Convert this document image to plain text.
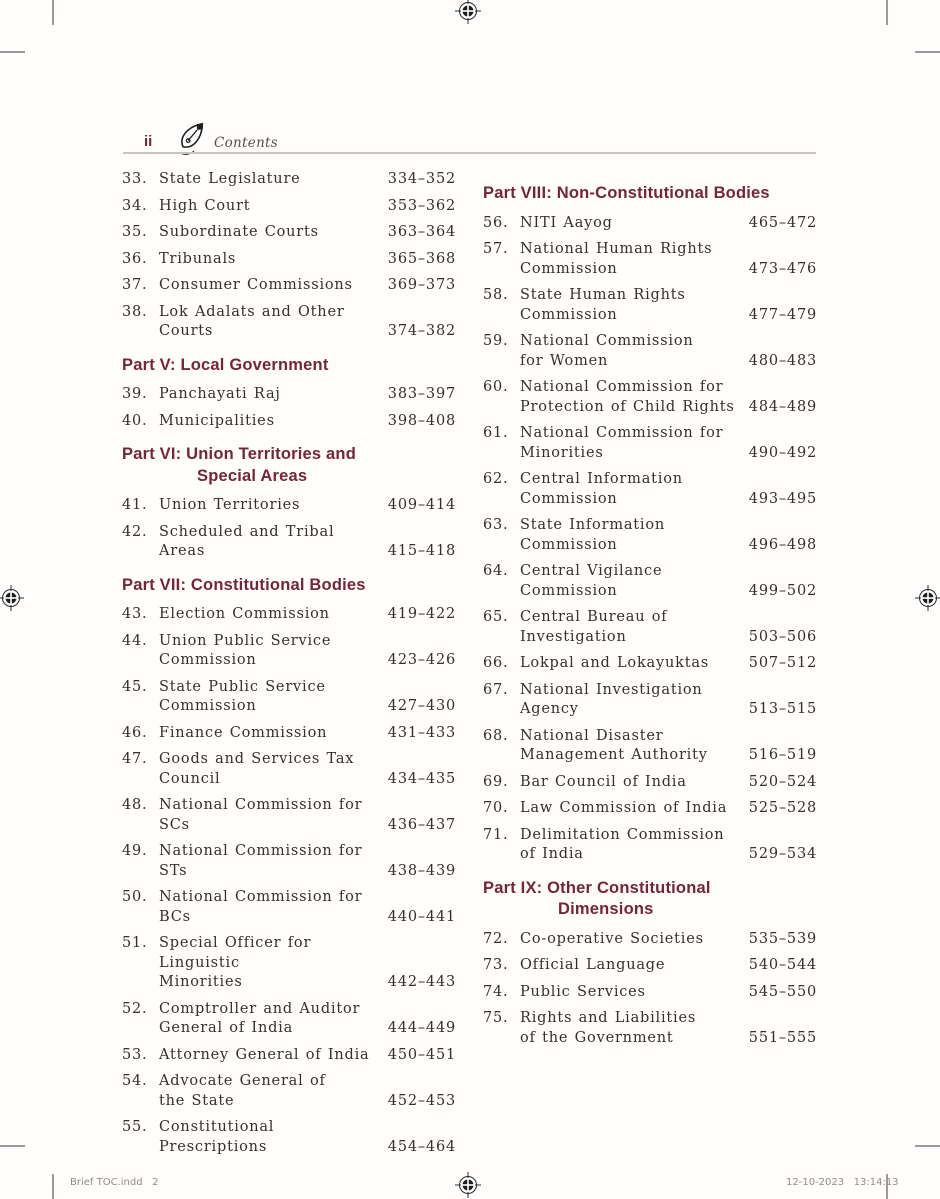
ii	Contents
33. State Legislature	334–352
34. High Court	353–362
35. Subordinate Courts	363–364
36. Tribunals	365–368
37. Consumer Commissions	369–373
38. Lok Adalats and Other Courts	374–382
Part V: Local Government
39. Panchayati Raj	383–397
40. Municipalities	398–408
Part VI: Union Territories and
Special Areas
41. Union Territories	409–414
42. Scheduled and Tribal Areas	415–418
Part VII: Constitutional Bodies
43. Election Commission	419–422
44. Union Public Service
Commission	423–426
45. State Public Service
Commission	427–430
46. Finance Commission	431–433
47. Goods and Services Tax
Council	434–435
48. National Commission for SCs	436–437
49. National Commission for STs	438–439
50. National Commission for BCs	440–441
51. Special Officer for Linguistic
Minorities	442–443
52. Comptroller and Auditor
General of India	444–449
53. Attorney General of India	450–451
54. Advocate General of
the State	452–453
55. Constitutional Prescriptions	454–464
Part VIII: Non-Constitutional Bodies
56. NITI Aayog	465–472
57. National Human Rights
Commission	473–476
58. State Human Rights
Commission	477–479
59. National Commission
for Women	480–483
60. National Commission for
Protection of Child Rights 484–489
61. National Commission for
Minorities	490–492
62. Central Information
Commission	493–495
63. State Information
Commission	496–498
64. Central Vigilance
Commission	499–502
65. Central Bureau of
Investigation	503–506
66. Lokpal and Lokayuktas	507–512
67. National Investigation Agency	513–515
68. National Disaster
Management Authority	516–519
69. Bar Council of India	520–524
70. Law Commission of India	525–528
71. Delimitation Commission
of India	529–534
Part IX: Other Constitutional
Dimensions
72. Co-operative Societies	535–539
73. Official Language	540–544
74. Public Services	545–550
75. Rights and Liabilities
of the Government	551–555
Brief TOC.indd   2	12-10-2023   13:14:13
